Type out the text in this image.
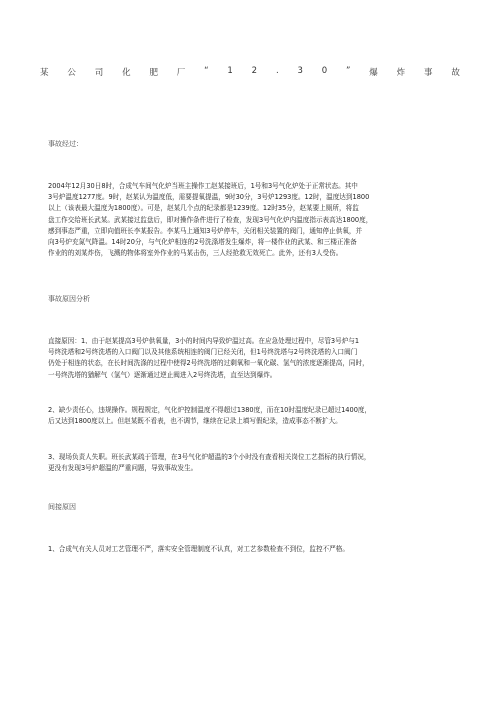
某 公 司 化 肥 厂 “ 1 2 . 3 0 ” 爆 炸 事 故
事故经过：

2004年12月30日8时，合成气车间气化炉当班主操作工赵某接班后，1号和3号气化炉处于正常状态。其中

3号炉温度1277度。9时，赵某认为温度低，需要提氧提温，9时30分，3号炉1293度。12时，温度达到1800

以上（该表最大温度为1800度）。可是，赵某几个点的纪录都是1239度。12时35分，赵某要上厕所，将监

盘工作交给班长武某。武某接过监盘后，即对操作条件进行了检查，发现3号气化炉内温度指示表高达1800度，

感到事态严重，立即向值班长李某报告。李某马上通知3号炉停车，关闭相关装置的阀门，通知停止供氧，并

向3号炉充氮气降温。14时20分，与气化炉相连的2号洗涤塔发生爆炸，将一楼作业的武某、和三楼正准备

作业的的刘某炸伤，飞溅的物体将室外作业的马某击伤，三人经抢救无效死亡。此外，还有3人受伤。

事故原因分析

直接原因：1、由于赵某提高3号炉供氧量，3小的时间内导致炉温过高。在应急处理过程中，尽管3号炉与1

号终洗塔和2号终洗塔的入口阀门以及其他系统相连的阀门已经关闭，但1号终洗塔与2号终洗塔的入口阀门

仍处于相连的状态，在长时间洗涤的过程中使得2号终洗塔的过剩氧和一氧化碳、氢气的浓度逐渐提高，同时，

一号终洗塔的猶解气（氢气）逐渐通过逆止阀进入2号终洗塔，直至达到爆炸。

2、缺少责任心，违规操作。规程规定，气化炉控制温度不得超过1380度，而在10时温度纪录已超过1400度，

后又达到1800度以上。但赵某既不看表，也不调节，继续在记录上填写假纪录，造成事态不断扩大。

3、现场负责人失职。班长武某疏于管理，在3号气化炉超温的3个小时没有查看相关岗位工艺指标的执行情况，

更没有发现3号炉超温的严重问题，导致事故发生。

间接原因

1、合成气有关人员对工艺管理不严，落实安全管理制度不认真，对工艺参数检查不到位，监控不严格。
